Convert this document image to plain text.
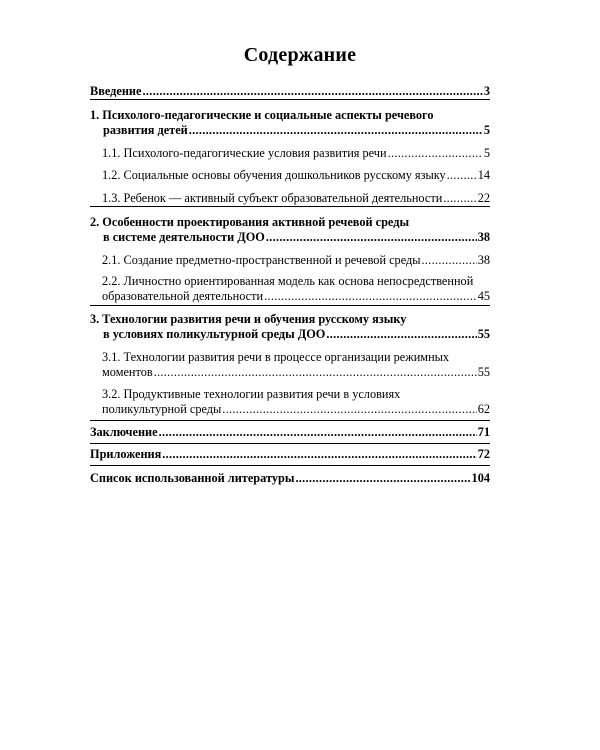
Содержание
Введение .....	3
1. Психолого-педагогические и социальные аспекты речевого
развития детей .....	5
1.1. Психолого-педагогические условия развития речи .....	5
1.2. Социальные основы обучения дошкольников русскому языку .....	14
1.3. Ребенок — активный субъект образовательной деятельности .....	22
2. Особенности проектирования активной речевой среды
в системе деятельности ДОО .....	38
2.1. Создание предметно-пространственной и речевой среды .....	38
2.2. Личностно ориентированная модель как основа непосредственной
образовательной деятельности .....	45
3. Технологии развития речи и обучения русскому языку
в условиях поликультурной среды ДОО .....	55
3.1. Технологии развития речи в процессе организации режимных
моментов .....	55
3.2. Продуктивные технологии развития речи в условиях
поликультурной среды .....	62
Заключение .....	71
Приложения .....	72
Список использованной литературы .....	104
